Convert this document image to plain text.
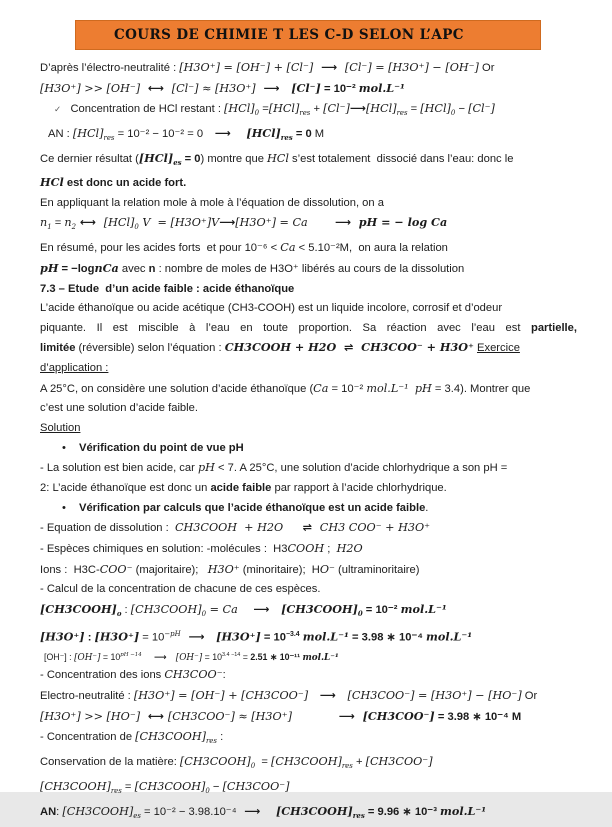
COURS DE CHIMIE T LES C-D SELON L’APC
D’après l’électro-neutralité : [H3O⁺] = [OH⁻] + [Cl⁻]  ⟶  [Cl⁻] = [H3O⁺] − [OH⁻] Or
[H3O⁺] >> [OH⁻]  ⟷  [Cl⁻] ≈ [H3O⁺]  ⟶   [Cl⁻] = 10⁻² mol.L⁻¹
✓   Concentration de HCl restant : $[HCl]_0 =[HCl]_{res}$ + $[Cl^-]⟶[HCl]_{res} = [HCl]_0 - [Cl^-]$
AN : $[HCl]_{res} = 10^{-2} - 10^{-2} = 0$   ⟶    $[HCl]_{res} = 0$ M
Ce dernier résultat $([HCl]_{es} = 0)$ montre que HCl s’est totalement  dissocié dans l’eau: donc le
HCl est donc un acide fort.
En appliquant la relation mole à mole à l’équation de dissolution, on a
$n_1 = n_2$ ⟷  $[HCl]_0$ V  = [H3O⁺]V⟶[H3O⁺] = Ca       ⟶  pH = − log Ca
En résumé, pour les acides forts  et pour 10⁻⁶ < Ca < 5.10⁻²M,  on aura la relation
pH = −lognCa avec n : nombre de moles de H3O⁺ libérés au cours de la dissolution
7.3 – Etude  d’un acide faible : acide éthanoïque
L’acide éthanoïque ou acide acétique (CH3-COOH) est un liquide incolore, corrosif et d’odeur
piquante. Il est miscible à l’eau en toute proportion. Sa réaction avec l’eau est partielle,
limitée (réversible) selon l’équation : CH3COOH + H2O  ⇌  CH3COO⁻ + H3O⁺ Exercice
d’application :
A 25°C, on considère une solution d’acide éthanoïque (Ca = 10⁻² mol.L⁻¹ pH = 3.4). Montrer que
c’est une solution d’acide faible.
Solution
• Vérification du point de vue pH
- La solution est bien acide, car pH < 7. A 25°C, une solution d’acide chlorhydrique a son pH =
2: L’acide éthanoïque est donc un acide faible par rapport à l’acide chlorhydrique.
• Vérification par calculs que l’acide éthanoïque est un acide faible.
- Equation de dissolution :  CH3COOH  + H2O     ⇌  CH3 COO⁻ + H3O⁺
- Espèces chimiques en solution: -molécules :  H3COOH ;  H2O
Ions :  H3C-COO⁻ (majoritaire);   H3O⁺ (minoritaire);  HO⁻ (ultraminoritaire)
- Calcul de la concentration de chacune de ces espèces.
$[CH3COOH]_o$ : $[CH3COOH]_0 = Ca$    ⟶   $[CH3COOH]_0 = 10^{-2}$ mol.L⁻¹
[H3O⁺] : $[H3O^+] = 10^{-pH}$  ⟶   $[H3O^+] = 10^{-3.4}$ mol.L⁻¹ = 3.98 ∗ 10⁻⁴ mol.L⁻¹
[OH⁻] : $[OH^-] = 10^{pH -14}$    ⟶   $[OH^-] = 10^{3.4 -14} = 2.51$ ∗ 10⁻¹¹ mol.L⁻¹
- Concentration des ions CH3COO⁻:
Electro-neutralité : [H3O⁺] = [OH⁻] + [CH3COO⁻]   ⟶   [CH3COO⁻] = [H3O⁺] − [HO⁻] Or
[H3O⁺] >> [HO⁻]  ⟷ [CH3COO⁻] ≈ [H3O⁺]            ⟶  [CH3COO⁻] = 3.98 ∗ 10⁻⁴ M
- Concentration de $[CH3COOH]_{res}$ :
Conservation de la matière: $[CH3COOH]_0$  = $[CH3COOH]_{res} + [CH3COO^-]$
$[CH3COOH]_{res}$ = $[CH3COOH]_0 - [CH3COO^-]$
AN: $[CH3COOH]_{es} = 10^{-2} - 3.98.10^{-4}$  ⟶    $[CH3COOH]_{res} = 9.96$ ∗ 10⁻³ mol.L⁻¹
